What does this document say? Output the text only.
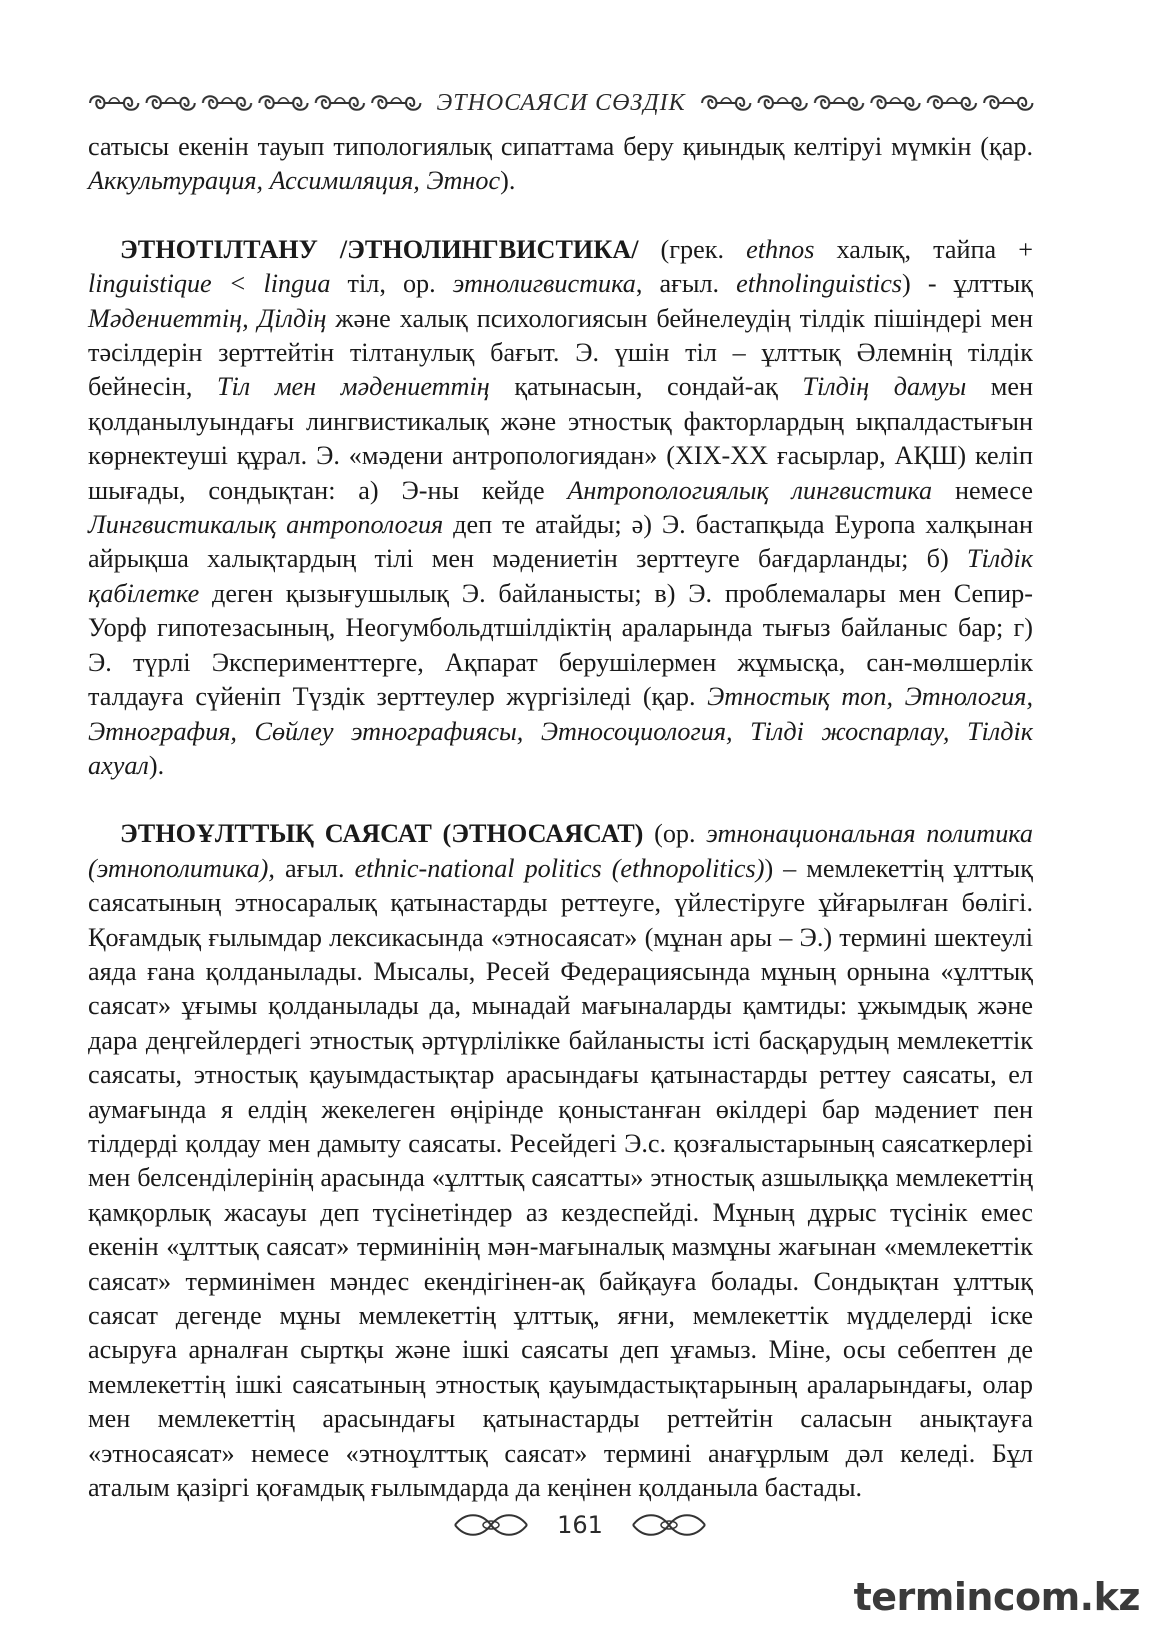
ЭТНОСАЯСИ СӨЗДІК

сатысы екенін тауып типологиялық сипаттама беру қиындық келтіруі мүмкін (қар. Аккультурация, Ассимиляция, Этнос).

ЭТНОТІЛТАНУ /ЭТНОЛИНГВИСТИКА/ (грек. ethnos халық, тайпа + linguistique < lingua тіл, ор. этнолигвистика, ағыл. ethnolinguistics) - ұлттық Мәдениеттің, Ділдің және халық психологиясын бейнелеудің тілдік пішіндері мен тәсілдерін зерттейтін тілтанулық бағыт. Э. үшін тіл – ұлттық Әлемнің тілдік бейнесін, Тіл мен мәдениеттің қатынасын, сондай-ақ Тілдің дамуы мен қолданылуындағы лингвистикалық және этностық факторлардың ықпалдастығын көрнектеуші құрал. Э. «мәдени антропологиядан» (XIX-XX ғасырлар, АҚШ) келіп шығады, сондықтан: а) Э-ны кейде Антропологиялық лингвистика немесе Лингвистикалық антропология деп те атайды; ә) Э. бастапқыда Еуропа халқынан айрықша халықтардың тілі мен мәдениетін зерттеуге бағдарланды; б) Тілдік қабілетке деген қызығушылық Э. байланысты; в) Э. проблемалары мен Сепир-Уорф гипотезасының, Неогумбольдтшілдіктің араларында тығыз байланыс бар; г) Э. түрлі Эксперименттерге, Ақпарат берушілермен жұмысқа, сан-мөлшерлік талдауға сүйеніп Түздік зерттеулер жүргізіледі (қар. Этностық топ, Этнология, Этнография, Сөйлеу этнографиясы, Этносоциология, Тілді жоспарлау, Тілдік ахуал).

ЭТНОҰЛТТЫҚ САЯСАТ (ЭТНОСАЯСАТ) (ор. этнонациональная политика (этнополитика), ағыл. ethnic-national politics (ethnopolitics)) – мемлекеттің ұлттық саясатының этносаралық қатынастарды реттеуге, үйлестіруге ұйғарылған бөлігі. Қоғамдық ғылымдар лексикасында «этносаясат» (мұнан ары – Э.) термині шектеулі аяда ғана қолданылады. Мысалы, Ресей Федерациясында мұның орнына «ұлттық саясат» ұғымы қолданылады да, мынадай мағыналарды қамтиды: ұжымдық және дара деңгейлердегі этностық әртүрлілікке байланысты істі басқарудың мемлекеттік саясаты, этностық қауымдастықтар арасындағы қатынастарды реттеу саясаты, ел аумағында я елдің жекелеген өңірінде қоныстанған өкілдері бар мәдениет пен тілдерді қолдау мен дамыту саясаты. Ресейдегі Э.с. қозғалыстарының саясаткерлері мен белсенділерінің арасында «ұлттық саясатты» этностық азшылыққа мемлекеттің қамқорлық жасауы деп түсінетіндер аз кездеспейді. Мұның дұрыс түсінік емес екенін «ұлттық саясат» терминінің мән-мағыналық мазмұны жағынан «мемлекеттік саясат» терминімен мәндес екендігінен-ақ байқауға болады. Сондықтан ұлттық саясат дегенде мұны мемлекеттің ұлттық, яғни, мемлекеттік мүдделерді іске асыруға арналған сыртқы және ішкі саясаты деп ұғамыз. Міне, осы себептен де мемлекеттің ішкі саясатының этностық қауымдастықтарының араларындағы, олар мен мемлекеттің арасындағы қатынастарды реттейтін саласын анықтауға «этносаясат» немесе «этноұлттық саясат» термині анағұрлым дәл келеді. Бұл аталым қазіргі қоғамдық ғылымдарда да кеңінен қолданыла бастады.

161
termincom.kz
